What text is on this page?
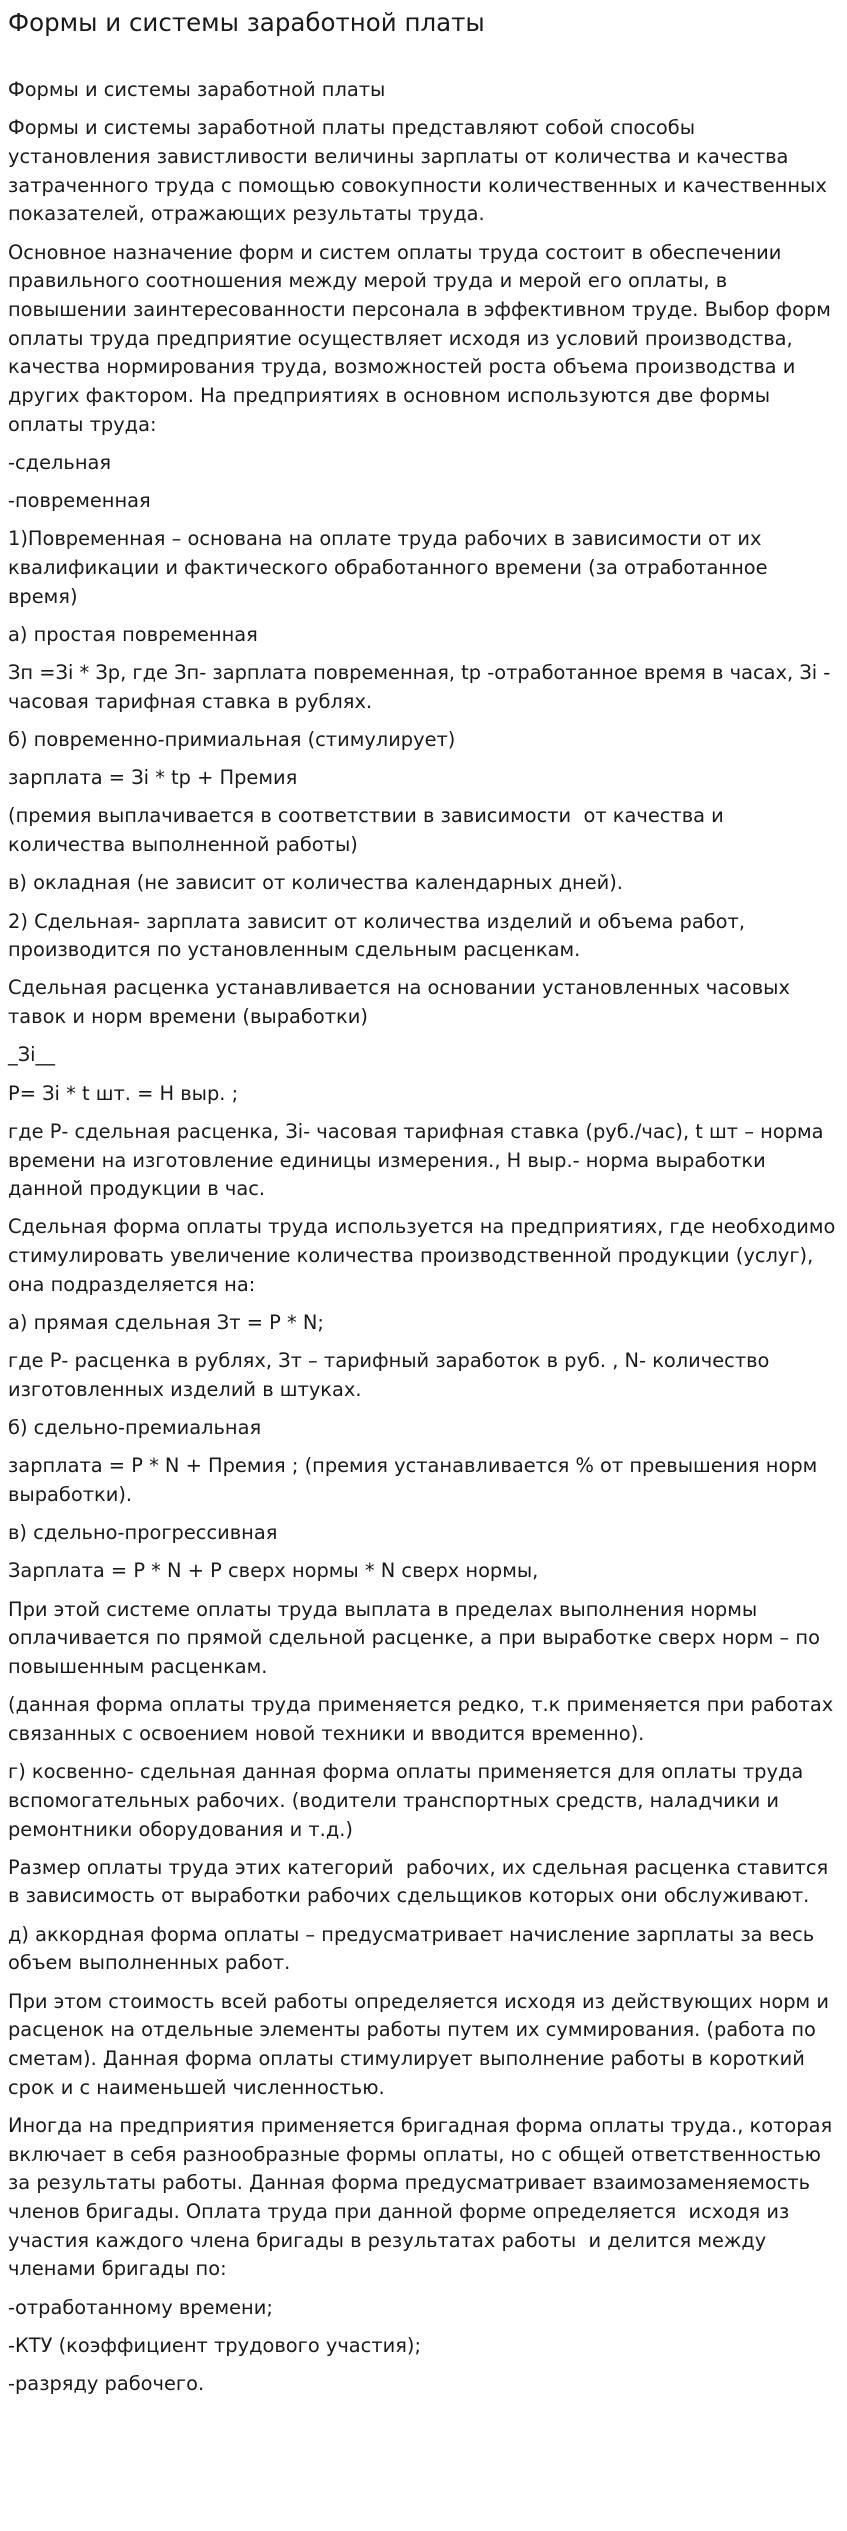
Формы и системы заработной платы

Формы и системы заработной платы

Формы и системы заработной платы представляют собой способы установления завистливости величины зарплаты от количества и качества затраченного труда с помощью совокупности количественных и качественных показателей, отражающих результаты труда.

Основное назначение форм и систем оплаты труда состоит в обеспечении правильного соотношения между мерой труда и мерой его оплаты, в повышении заинтересованности персонала в эффективном труде. Выбор форм оплаты труда предприятие осуществляет исходя из условий производства, качества нормирования труда, возможностей роста объема производства и других фактором. На предприятиях в основном используются две формы оплаты труда:

-сдельная

-повременная

1)Повременная – основана на оплате труда рабочих в зависимости от их квалификации и фактического обработанного времени (за отработанное время)

а) простая повременная

Зп =Зi * Зр, где Зп- зарплата повременная, tр -отработанное время в часах, Зi - часовая тарифная ставка в рублях.

б) повременно-примиальная (стимулирует)

зарплата = Зi * tр + Премия

(премия выплачивается в соответствии в зависимости  от качества и количества выполненной работы)

в) окладная (не зависит от количества календарных дней).

2) Сдельная- зарплата зависит от количества изделий и объема работ, производится по установленным сдельным расценкам.

Сдельная расценка устанавливается на основании установленных часовых тавок и норм времени (выработки)

_Зi__

Р= Зi * t шт. = Н выр. ;

где Р- сдельная расценка, Зi- часовая тарифная ставка (руб./час), t шт – норма времени на изготовление единицы измерения., Н выр.- норма выработки данной продукции в час.

Сдельная форма оплаты труда используется на предприятиях, где необходимо стимулировать увеличение количества производственной продукции (услуг), она подразделяется на:

а) прямая сдельная Зт = Р * N;

где Р- расценка в рублях, Зт – тарифный заработок в руб. , N- количество изготовленных изделий в штуках.

б) сдельно-премиальная

зарплата = Р * N + Премия ; (премия устанавливается % от превышения норм выработки).

в) сдельно-прогрессивная

Зарплата = Р * N + Р сверх нормы * N сверх нормы,

При этой системе оплаты труда выплата в пределах выполнения нормы оплачивается по прямой сдельной расценке, а при выработке сверх норм – по повышенным расценкам.

(данная форма оплаты труда применяется редко, т.к применяется при работах связанных с освоением новой техники и вводится временно).

г) косвенно- сдельная данная форма оплаты применяется для оплаты труда вспомогательных рабочих. (водители транспортных средств, наладчики и ремонтники оборудования и т.д.)

Размер оплаты труда этих категорий  рабочих, их сдельная расценка ставится в зависимость от выработки рабочих сдельщиков которых они обслуживают.

д) аккордная форма оплаты – предусматривает начисление зарплаты за весь объем выполненных работ.

При этом стоимость всей работы определяется исходя из действующих норм и расценок на отдельные элементы работы путем их суммирования. (работа по сметам). Данная форма оплаты стимулирует выполнение работы в короткий срок и с наименьшей численностью.

Иногда на предприятия применяется бригадная форма оплаты труда., которая включает в себя разнообразные формы оплаты, но с общей ответственностью за результаты работы. Данная форма предусматривает взаимозаменяемость членов бригады. Оплата труда при данной форме определяется  исходя из участия каждого члена бригады в результатах работы  и делится между членами бригады по:

-отработанному времени;

-КТУ (коэффициент трудового участия);

-разряду рабочего.
